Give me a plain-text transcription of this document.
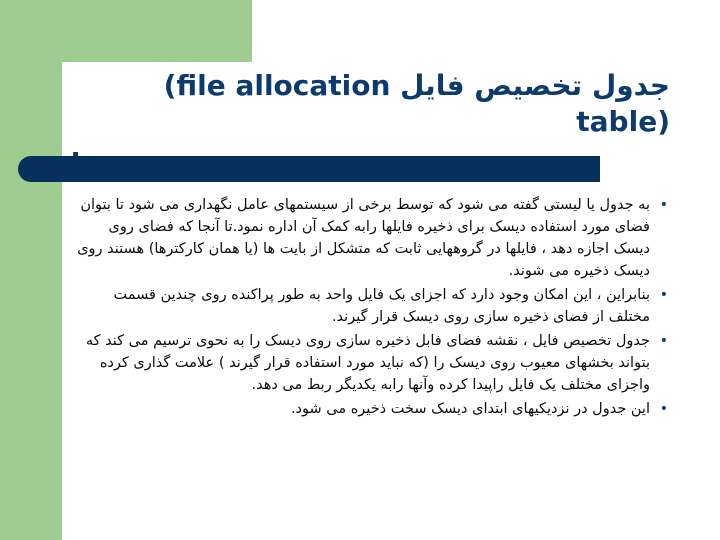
جدول تخصیص فایل (file allocation table)
•
به جدول یا لیستی گفته می شود که توسط برخی از سیستمهای عامل نگهداری می شود تا بتوان فضای مورد استفاده دیسک برای ذخیره فایلها رابه کمک آن اداره نمود.تا آنجا که فضای روی دیسک اجازه دهد ، فایلها در گروههایی ثابت که متشکل از بایت ها (یا همان کارکترها) هستند روی دیسک ذخیره می شوند.
•
بنابراین ، این امکان وجود دارد که اجزای یک فایل واحد به طور پراکنده روی چندین قسمت مختلف از فضای ذخیره سازی روی دیسک قرار گیرند.
•
جدول تخصیص فایل ، نقشه فضای فابل ذخیره سازی روی دیسک را به نحوی ترسیم می کند که بتواند بخشهای معیوب روی دیسک را (که نباید مورد استفاده قرار گیرند ) علامت گذاری کرده واجزای مختلف یک فایل راپیدا کرده وآنها رابه یکدیگر ربط می دهد.
•
این جدول در نزدیکیهای ابتدای دیسک سخت ذخیره می شود.
